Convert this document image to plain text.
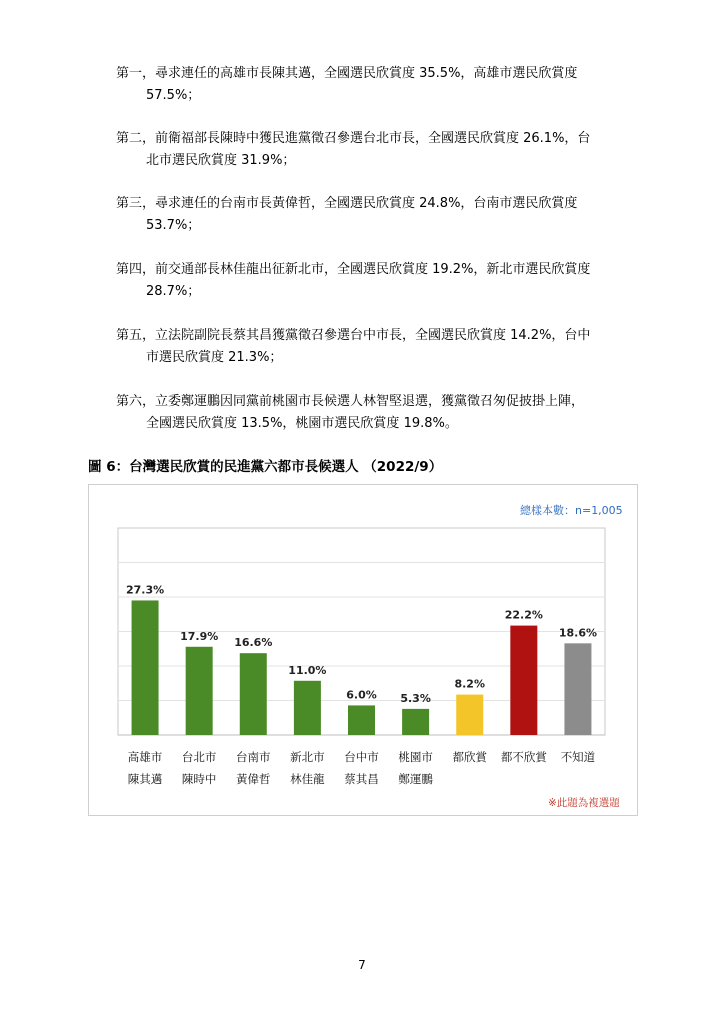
第一，尋求連任的高雄市長陳其邁，全國選民欣賞度 35.5%，高雄市選民欣賞度
57.5%；
第二，前衛福部長陳時中獲民進黨徵召參選台北市長，全國選民欣賞度 26.1%，台
北市選民欣賞度 31.9%；
第三，尋求連任的台南市長黃偉哲，全國選民欣賞度 24.8%，台南市選民欣賞度
53.7%；
第四，前交通部長林佳龍出征新北市，全國選民欣賞度 19.2%，新北市選民欣賞度
28.7%；
第五，立法院副院長蔡其昌獲黨徵召參選台中市長，全國選民欣賞度 14.2%，台中
市選民欣賞度 21.3%；
第六，立委鄭運鵬因同黨前桃園市長候選人林智堅退選，獲黨徵召匆促披掛上陣，
全國選民欣賞度 13.5%，桃園市選民欣賞度 19.8%。
圖 6：台灣選民欣賞的民進黨六都市長候選人 （2022/9）
總樣本數：n=1,005
※此題為複選題
27.3%
高雄市
陳其邁
17.9%
台北市
陳時中
16.6%
台南市
黃偉哲
11.0%
新北市
林佳龍
6.0%
台中市
蔡其昌
5.3%
桃園市
鄭運鵬
8.2%
都欣賞
22.2%
都不欣賞
18.6%
不知道
7
